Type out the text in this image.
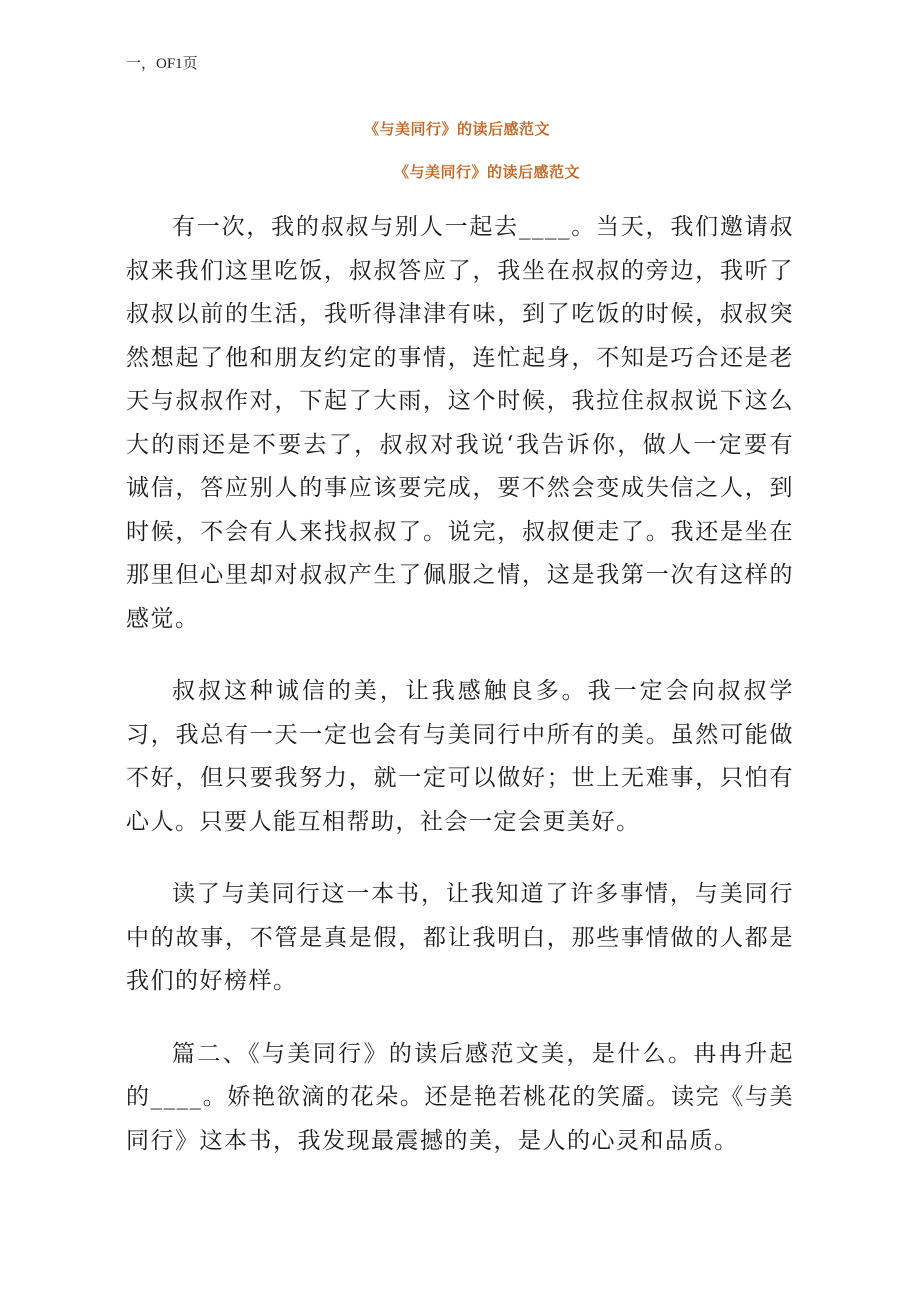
一，OF1页
《与美同行》的读后感范文
《与美同行》的读后感范文

有一次，我的叔叔与别人一起去____。当天，我们邀请叔叔来我们这里吃饭，叔叔答应了，我坐在叔叔的旁边，我听了叔叔以前的生活，我听得津津有味，到了吃饭的时候，叔叔突然想起了他和朋友约定的事情，连忙起身，不知是巧合还是老天与叔叔作对，下起了大雨，这个时候，我拉住叔叔说下这么大的雨还是不要去了，叔叔对我说‘我告诉你，做人一定要有诚信，答应别人的事应该要完成，要不然会变成失信之人，到时候，不会有人来找叔叔了。说完，叔叔便走了。我还是坐在那里但心里却对叔叔产生了佩服之情，这是我第一次有这样的感觉。

叔叔这种诚信的美，让我感触良多。我一定会向叔叔学习，我总有一天一定也会有与美同行中所有的美。虽然可能做不好，但只要我努力，就一定可以做好；世上无难事，只怕有心人。只要人能互相帮助，社会一定会更美好。

读了与美同行这一本书，让我知道了许多事情，与美同行中的故事，不管是真是假，都让我明白，那些事情做的人都是我们的好榜样。

篇二、《与美同行》的读后感范文美，是什么。冉冉升起的____。娇艳欲滴的花朵。还是艳若桃花的笑靥。读完《与美同行》这本书，我发现最震撼的美，是人的心灵和品质。
